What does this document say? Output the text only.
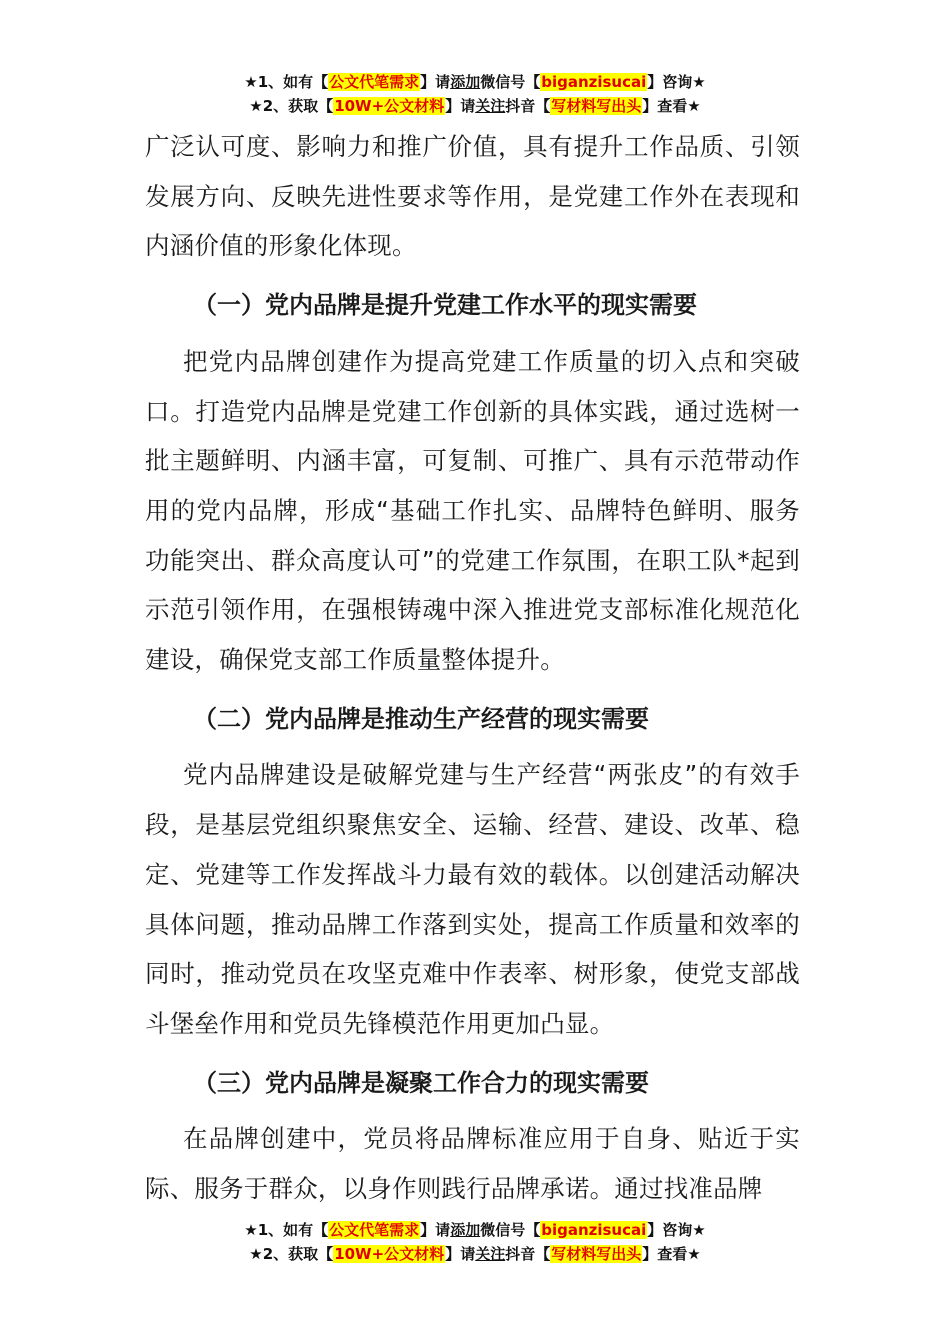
★1、如有【公文代笔需求】请添加微信号【biganzisucai】咨询★
★2、获取【10W+公文材料】请关注抖音【写材料写出头】查看★

广泛认可度、影响力和推广价值，具有提升工作品质、引领发展方向、反映先进性要求等作用，是党建工作外在表现和内涵价值的形象化体现。

（一）党内品牌是提升党建工作水平的现实需要

把党内品牌创建作为提高党建工作质量的切入点和突破口。打造党内品牌是党建工作创新的具体实践，通过选树一批主题鲜明、内涵丰富，可复制、可推广、具有示范带动作用的党内品牌，形成“基础工作扎实、品牌特色鲜明、服务功能突出、群众高度认可”的党建工作氛围，在职工队*起到示范引领作用，在强根铸魂中深入推进党支部标准化规范化建设，确保党支部工作质量整体提升。

（二）党内品牌是推动生产经营的现实需要

党内品牌建设是破解党建与生产经营“两张皮”的有效手段，是基层党组织聚焦安全、运输、经营、建设、改革、稳定、党建等工作发挥战斗力最有效的载体。以创建活动解决具体问题，推动品牌工作落到实处，提高工作质量和效率的同时，推动党员在攻坚克难中作表率、树形象，使党支部战斗堡垒作用和党员先锋模范作用更加凸显。

（三）党内品牌是凝聚工作合力的现实需要

在品牌创建中，党员将品牌标准应用于自身、贴近于实际、服务于群众，以身作则践行品牌承诺。通过找准品牌

★1、如有【公文代笔需求】请添加微信号【biganzisucai】咨询★
★2、获取【10W+公文材料】请关注抖音【写材料写出头】查看★
